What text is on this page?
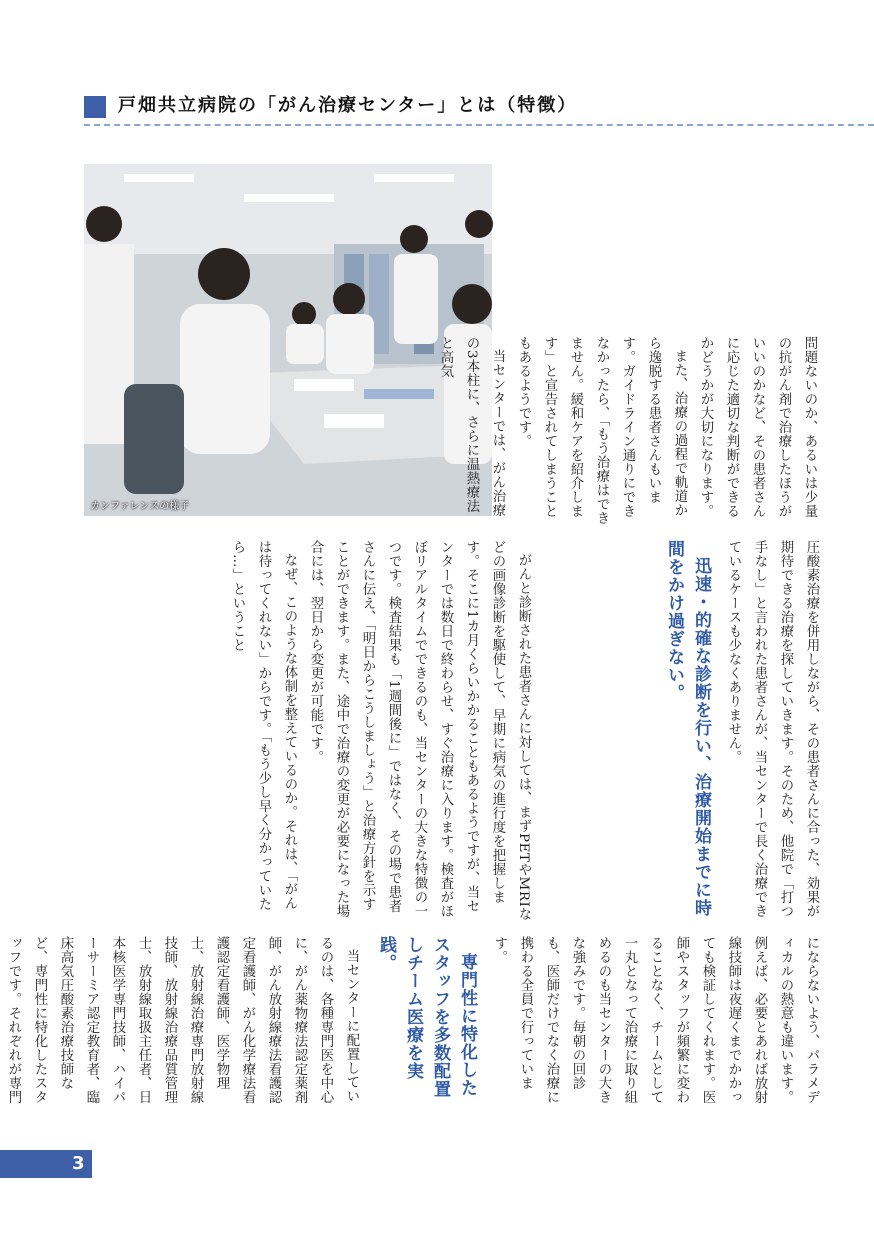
戸畑共立病院の「がん治療センター」とは（特徴）
カンファレンスの様子	問題ないのか、あるいは少量の抗がん剤で治療したほうがいいのかなど、その患者さんに応じた適切な判断ができるかどうかが大切になります。

また、治療の過程で軌道から逸脱する患者さんもいます。ガイドライン通りにできなかったら、「もう治療はできません。緩和ケアを紹介します」と宣告されてしまうこともあるようです。

当センターでは、がん治療の3本柱に、さらに温熱療法と高気

圧酸素治療を併用しながら、その患者さんに合った、効果が期待できる治療を探していきます。そのため、他院で「打つ手なし」と言われた患者さんが、当センターで長く治療できているケースも少なくありません。

迅速・的確な診断を行い、治療開始までに時間をかけ過ぎない。

がんと診断された患者さんに対しては、まずPETやMRIなどの画像診断を駆使して、早期に病気の進行度を把握します。そこに1カ月くらいかかることもあるようですが、当センターでは数日で終わらせ、すぐ治療に入ります。検査がほぼリアルタイムでできるのも、当センターの大きな特徴の一つです。検査結果も「1週間後に」ではなく、その場で患者さんに伝え、「明日からこうしましょう」と治療方針を示すことができます。また、途中で治療の変更が必要になった場合には、翌日から変更が可能です。

なぜ、このような体制を整えているのか。それは、「がんは待ってくれない」からです。「もう少し早く分かっていたら…」ということ

にならないよう、パラメディカルの熱意も違います。例えば、必要とあれば放射線技師は夜遅くまでかかっても検証してくれます。医師やスタッフが頻繁に変わることなく、チームとして一丸となって治療に取り組めるのも当センターの大きな強みです。毎朝の回診も、医師だけでなく治療に携わる全員で行っています。

専門性に特化したスタッフを多数配置しチーム医療を実践。

当センターに配置しているのは、各種専門医を中心に、がん薬物療法認定薬剤師、がん放射線療法看護認定看護師、がん化学療法看護認定看護師、医学物理士、放射線治療専門放射線技師、放射線治療品質管理士、放射線取扱主任者、日本核医学専門技師、ハイパーサーミア認定教育者、臨床高気圧酸素治療技師など、専門性に特化したスタッフです。それぞれが専門

3
